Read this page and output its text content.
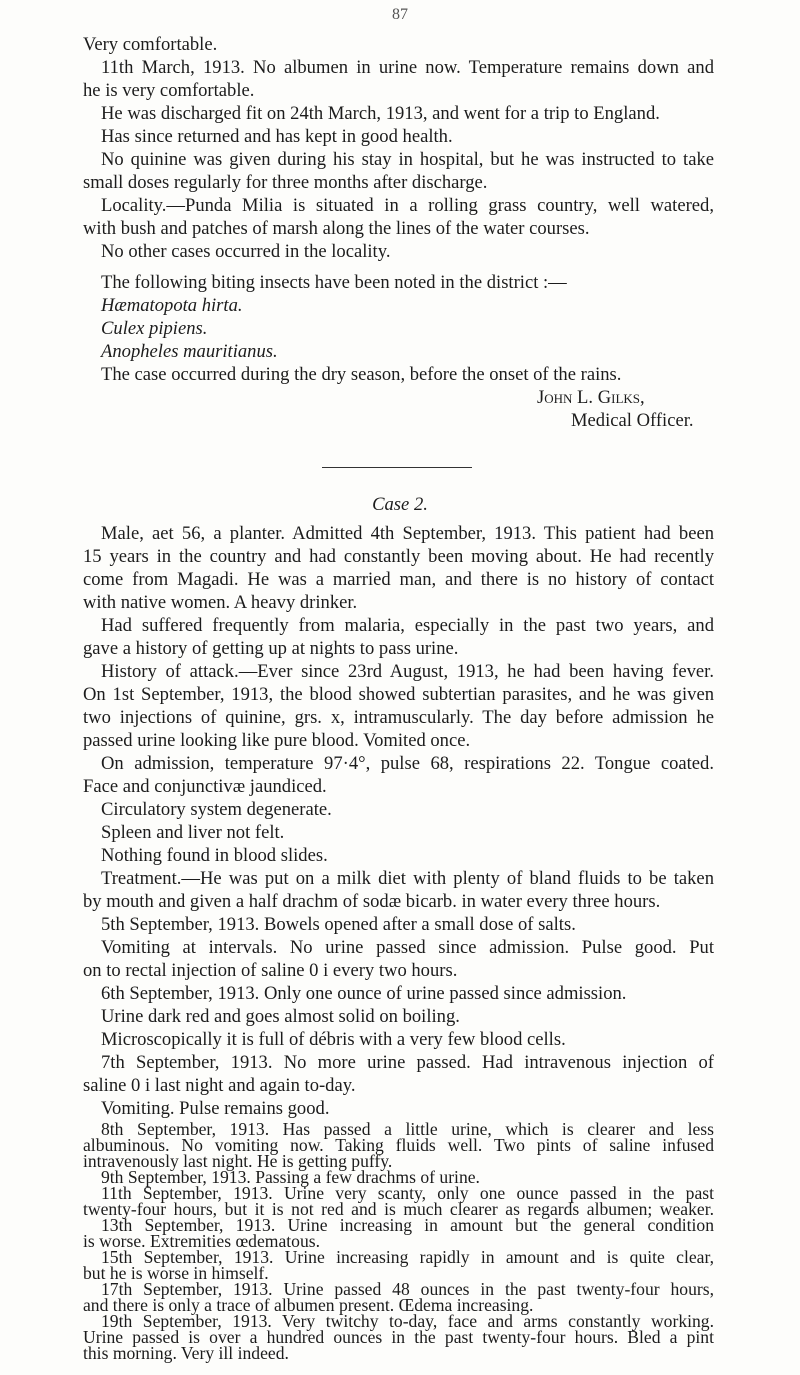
87
Very comfortable.
11th March, 1913. No albumen in urine now. Temperature remains down and
he is very comfortable.
He was discharged fit on 24th March, 1913, and went for a trip to England.
Has since returned and has kept in good health.
No quinine was given during his stay in hospital, but he was instructed to take
small doses regularly for three months after discharge.
Locality.—Punda Milia is situated in a rolling grass country, well watered,
with bush and patches of marsh along the lines of the water courses.
No other cases occurred in the locality.
The following biting insects have been noted in the district :—
Hæmatopota hirta.
Culex pipiens.
Anopheles mauritianus.
The case occurred during the dry season, before the onset of the rains.
John L. Gilks,
Medical Officer.
Case 2.
Male, aet 56, a planter. Admitted 4th September, 1913. This patient had been
15 years in the country and had constantly been moving about. He had recently
come from Magadi. He was a married man, and there is no history of contact
with native women. A heavy drinker.
Had suffered frequently from malaria, especially in the past two years, and
gave a history of getting up at nights to pass urine.
History of attack.—Ever since 23rd August, 1913, he had been having fever.
On 1st September, 1913, the blood showed subtertian parasites, and he was given
two injections of quinine, grs. x, intramuscularly. The day before admission he
passed urine looking like pure blood. Vomited once.
On admission, temperature 97·4°, pulse 68, respirations 22. Tongue coated.
Face and conjunctivæ jaundiced.
Circulatory system degenerate.
Spleen and liver not felt.
Nothing found in blood slides.
Treatment.—He was put on a milk diet with plenty of bland fluids to be taken
by mouth and given a half drachm of sodæ bicarb. in water every three hours.
5th September, 1913. Bowels opened after a small dose of salts.
Vomiting at intervals. No urine passed since admission. Pulse good. Put
on to rectal injection of saline 0 i every two hours.
6th September, 1913. Only one ounce of urine passed since admission.
Urine dark red and goes almost solid on boiling.
Microscopically it is full of débris with a very few blood cells.
7th September, 1913. No more urine passed. Had intravenous injection of
saline 0 i last night and again to-day.
Vomiting. Pulse remains good.
8th September, 1913. Has passed a little urine, which is clearer and less
albuminous. No vomiting now. Taking fluids well. Two pints of saline infused
intravenously last night. He is getting puffy.
9th September, 1913. Passing a few drachms of urine.
11th September, 1913. Urine very scanty, only one ounce passed in the past
twenty-four hours, but it is not red and is much clearer as regards albumen; weaker.
13th September, 1913. Urine increasing in amount but the general condition
is worse. Extremities œdematous.
15th September, 1913. Urine increasing rapidly in amount and is quite clear,
but he is worse in himself.
17th September, 1913. Urine passed 48 ounces in the past twenty-four hours,
and there is only a trace of albumen present. Œdema increasing.
19th September, 1913. Very twitchy to-day, face and arms constantly working.
Urine passed is over a hundred ounces in the past twenty-four hours. Bled a pint
this morning. Very ill indeed.
